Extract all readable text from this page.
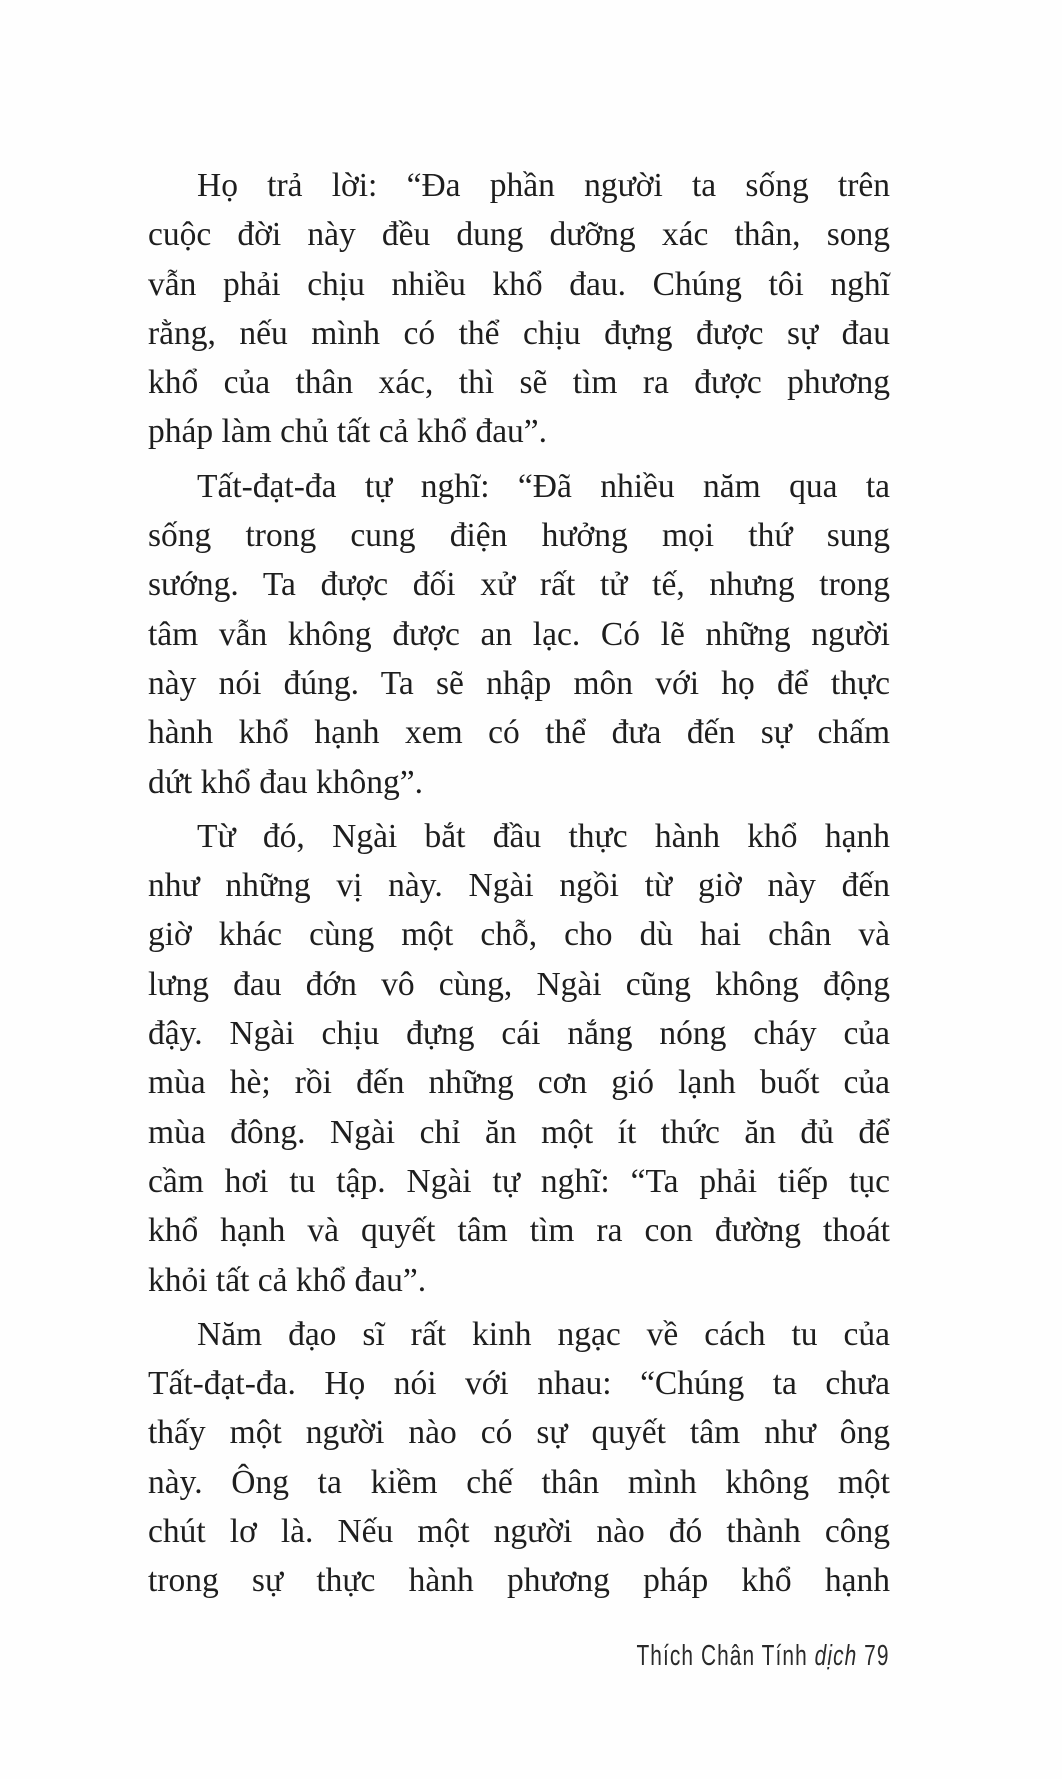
Họ trả lời: “Đa phần người ta sống trên
cuộc đời này đều dung dưỡng xác thân, song
vẫn phải chịu nhiều khổ đau. Chúng tôi nghĩ
rằng, nếu mình có thể chịu đựng được sự đau
khổ của thân xác, thì sẽ tìm ra được phương
pháp làm chủ tất cả khổ đau”.
Tất-đạt-đa tự nghĩ: “Đã nhiều năm qua ta
sống trong cung điện hưởng mọi thứ sung
sướng. Ta được đối xử rất tử tế, nhưng trong
tâm vẫn không được an lạc. Có lẽ những người
này nói đúng. Ta sẽ nhập môn với họ để thực
hành khổ hạnh xem có thể đưa đến sự chấm
dứt khổ đau không”.
Từ đó, Ngài bắt đầu thực hành khổ hạnh
như những vị này. Ngài ngồi từ giờ này đến
giờ khác cùng một chỗ, cho dù hai chân và
lưng đau đớn vô cùng, Ngài cũng không động
đậy. Ngài chịu đựng cái nắng nóng cháy của
mùa hè; rồi đến những cơn gió lạnh buốt của
mùa đông. Ngài chỉ ăn một ít thức ăn đủ để
cầm hơi tu tập. Ngài tự nghĩ: “Ta phải tiếp tục
khổ hạnh và quyết tâm tìm ra con đường thoát
khỏi tất cả khổ đau”.
Năm đạo sĩ rất kinh ngạc về cách tu của
Tất-đạt-đa. Họ nói với nhau: “Chúng ta chưa
thấy một người nào có sự quyết tâm như ông
này. Ông ta kiềm chế thân mình không một
chút lơ là. Nếu một người nào đó thành công
trong sự thực hành phương pháp khổ hạnh
Thích Chân Tính dịch 79
